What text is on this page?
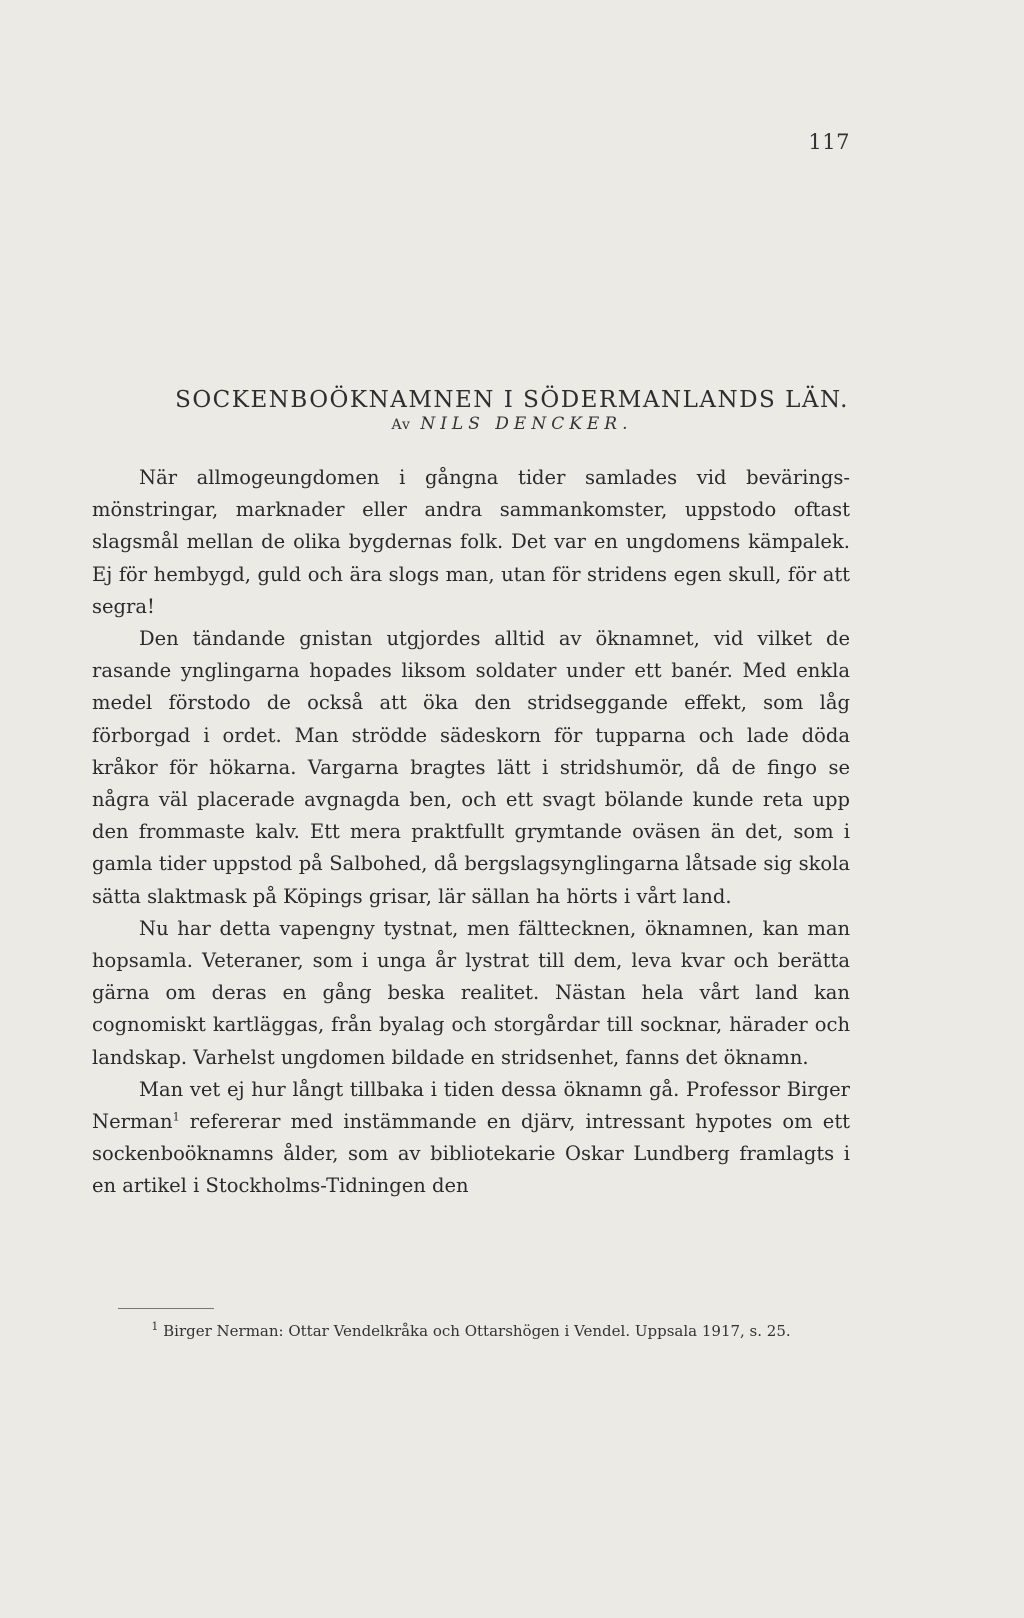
117
SOCKENBOÖKNAMNEN I SÖDERMANLANDS LÄN.
Av NILS DENCKER.

När allmogeungdomen i gångna tider samlades vid beväringsmönstringar, marknader eller andra sammankomster, uppstodo oftast slagsmål mellan de olika bygdernas folk. Det var en ungdomens kämpalek. Ej för hembygd, guld och ära slogs man, utan för stridens egen skull, för att segra!

Den tändande gnistan utgjordes alltid av öknamnet, vid vilket de rasande ynglingarna hopades liksom soldater under ett banér. Med enkla medel förstodo de också att öka den stridseggande effekt, som låg förborgad i ordet. Man strödde sädeskorn för tupparna och lade döda kråkor för hökarna. Vargarna bragtes lätt i stridshumör, då de fingo se några väl placerade avgnagda ben, och ett svagt bölande kunde reta upp den frommaste kalv. Ett mera praktfullt grymtande oväsen än det, som i gamla tider uppstod på Salbohed, då bergslagsynglingarna låtsade sig skola sätta slaktmask på Köpings grisar, lär sällan ha hörts i vårt land.

Nu har detta vapengny tystnat, men fälttecknen, öknamnen, kan man hopsamla. Veteraner, som i unga år lystrat till dem, leva kvar och berätta gärna om deras en gång beska realitet. Nästan hela vårt land kan cognomiskt kartläggas, från byalag och storgårdar till socknar, härader och landskap. Varhelst ungdomen bildade en stridsenhet, fanns det öknamn.

Man vet ej hur långt tillbaka i tiden dessa öknamn gå. Professor Birger Nerman$^1$ refererar med instämmande en djärv, intressant hypotes om ett sockenboöknamns ålder, som av bibliotekarie Oskar Lundberg framlagts i en artikel i Stockholms-Tidningen den

$^1$ Birger Nerman: Ottar Vendelkråka och Ottarshögen i Vendel. Uppsala 1917, s. 25.
